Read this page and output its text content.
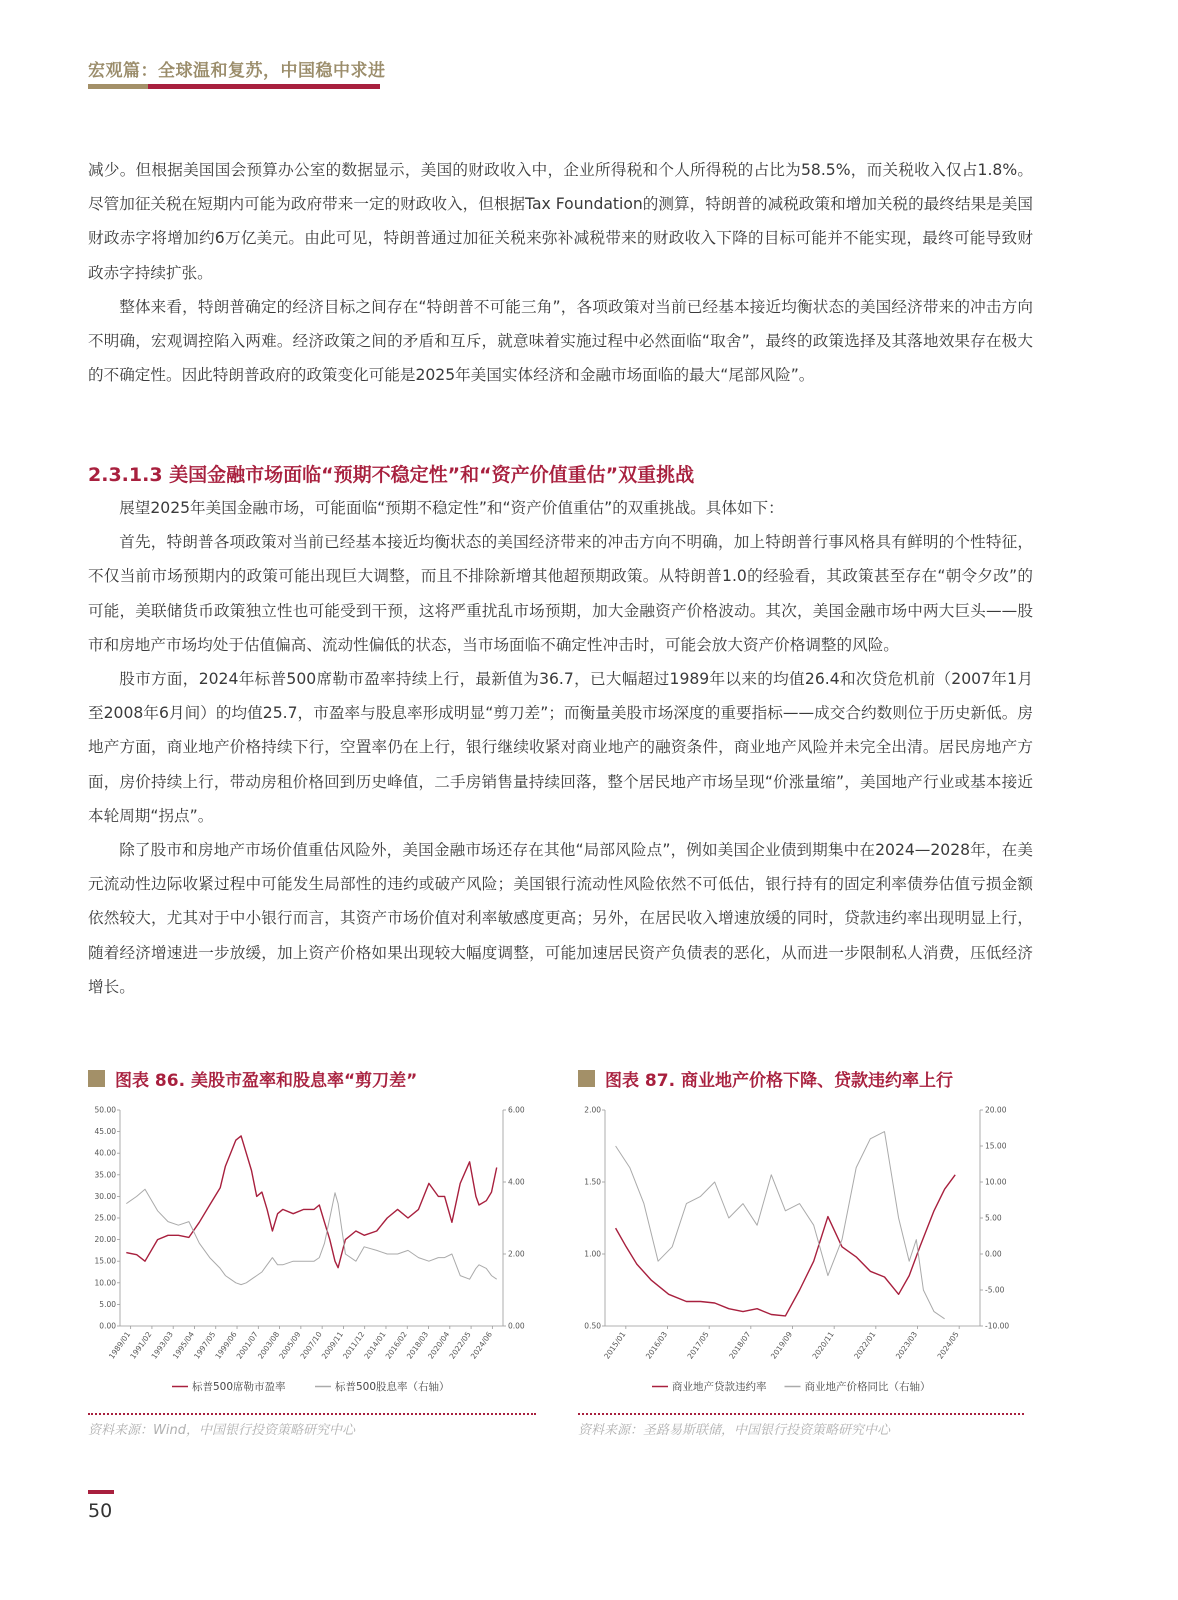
宏观篇：全球温和复苏，中国稳中求进

减少。但根据美国国会预算办公室的数据显示，美国的财政收入中，企业所得税和个人所得税的占比为58.5%，而关税收入仅占1.8%。尽管加征关税在短期内可能为政府带来一定的财政收入，但根据Tax Foundation的测算，特朗普的减税政策和增加关税的最终结果是美国财政赤字将增加约6万亿美元。由此可见，特朗普通过加征关税来弥补减税带来的财政收入下降的目标可能并不能实现，最终可能导致财政赤字持续扩张。

整体来看，特朗普确定的经济目标之间存在“特朗普不可能三角”，各项政策对当前已经基本接近均衡状态的美国经济带来的冲击方向不明确，宏观调控陷入两难。经济政策之间的矛盾和互斥，就意味着实施过程中必然面临“取舍”，最终的政策选择及其落地效果存在极大的不确定性。因此特朗普政府的政策变化可能是2025年美国实体经济和金融市场面临的最大“尾部风险”。

2.3.1.3 美国金融市场面临“预期不稳定性”和“资产价值重估”双重挑战

展望2025年美国金融市场，可能面临“预期不稳定性”和“资产价值重估”的双重挑战。具体如下：

首先，特朗普各项政策对当前已经基本接近均衡状态的美国经济带来的冲击方向不明确，加上特朗普行事风格具有鲜明的个性特征，不仅当前市场预期内的政策可能出现巨大调整，而且不排除新增其他超预期政策。从特朗普1.0的经验看，其政策甚至存在“朝令夕改”的可能，美联储货币政策独立性也可能受到干预，这将严重扰乱市场预期，加大金融资产价格波动。其次，美国金融市场中两大巨头——股市和房地产市场均处于估值偏高、流动性偏低的状态，当市场面临不确定性冲击时，可能会放大资产价格调整的风险。

股市方面，2024年标普500席勒市盈率持续上行，最新值为36.7，已大幅超过1989年以来的均值26.4和次贷危机前（2007年1月至2008年6月间）的均值25.7，市盈率与股息率形成明显“剪刀差”；而衡量美股市场深度的重要指标——成交合约数则位于历史新低。房地产方面，商业地产价格持续下行，空置率仍在上行，银行继续收紧对商业地产的融资条件，商业地产风险并未完全出清。居民房地产方面，房价持续上行，带动房租价格回到历史峰值，二手房销售量持续回落，整个居民地产市场呈现“价涨量缩”，美国地产行业或基本接近本轮周期“拐点”。

除了股市和房地产市场价值重估风险外，美国金融市场还存在其他“局部风险点”，例如美国企业债到期集中在2024—2028年，在美元流动性边际收紧过程中可能发生局部性的违约或破产风险；美国银行流动性风险依然不可低估，银行持有的固定利率债券估值亏损金额依然较大，尤其对于中小银行而言，其资产市场价值对利率敏感度更高；另外，在居民收入增速放缓的同时，贷款违约率出现明显上行，随着经济增速进一步放缓，加上资产价格如果出现较大幅度调整，可能加速居民资产负债表的恶化，从而进一步限制私人消费，压低经济增长。

图表 86. 美股市盈率和股息率“剪刀差”
0.00
5.00
10.00
15.00
20.00
25.00
30.00
35.00
40.00
45.00
50.00
0.00
2.00
4.00
6.00
1989/01
1991/02
1993/03
1995/04
1997/05
1999/06
2001/07
2003/08
2005/09
2007/10
2009/11
2011/12
2014/01
2016/02
2018/03
2020/04
2022/05
2024/06
标普500席勒市盈率	标普500股息率（右轴）
资料来源：Wind，中国银行投资策略研究中心
图表 87. 商业地产价格下降、贷款违约率上行
0.50
1.00
1.50
2.00
-10.00
-5.00
0.00
5.00
10.00
15.00
20.00
2015/01 2016/03 2017/05 2018/07 2019/09 2020/11 2022/01 2023/03 2024/05
商业地产贷款违约率	商业地产价格同比（右轴）
资料来源：圣路易斯联储，中国银行投资策略研究中心
50
